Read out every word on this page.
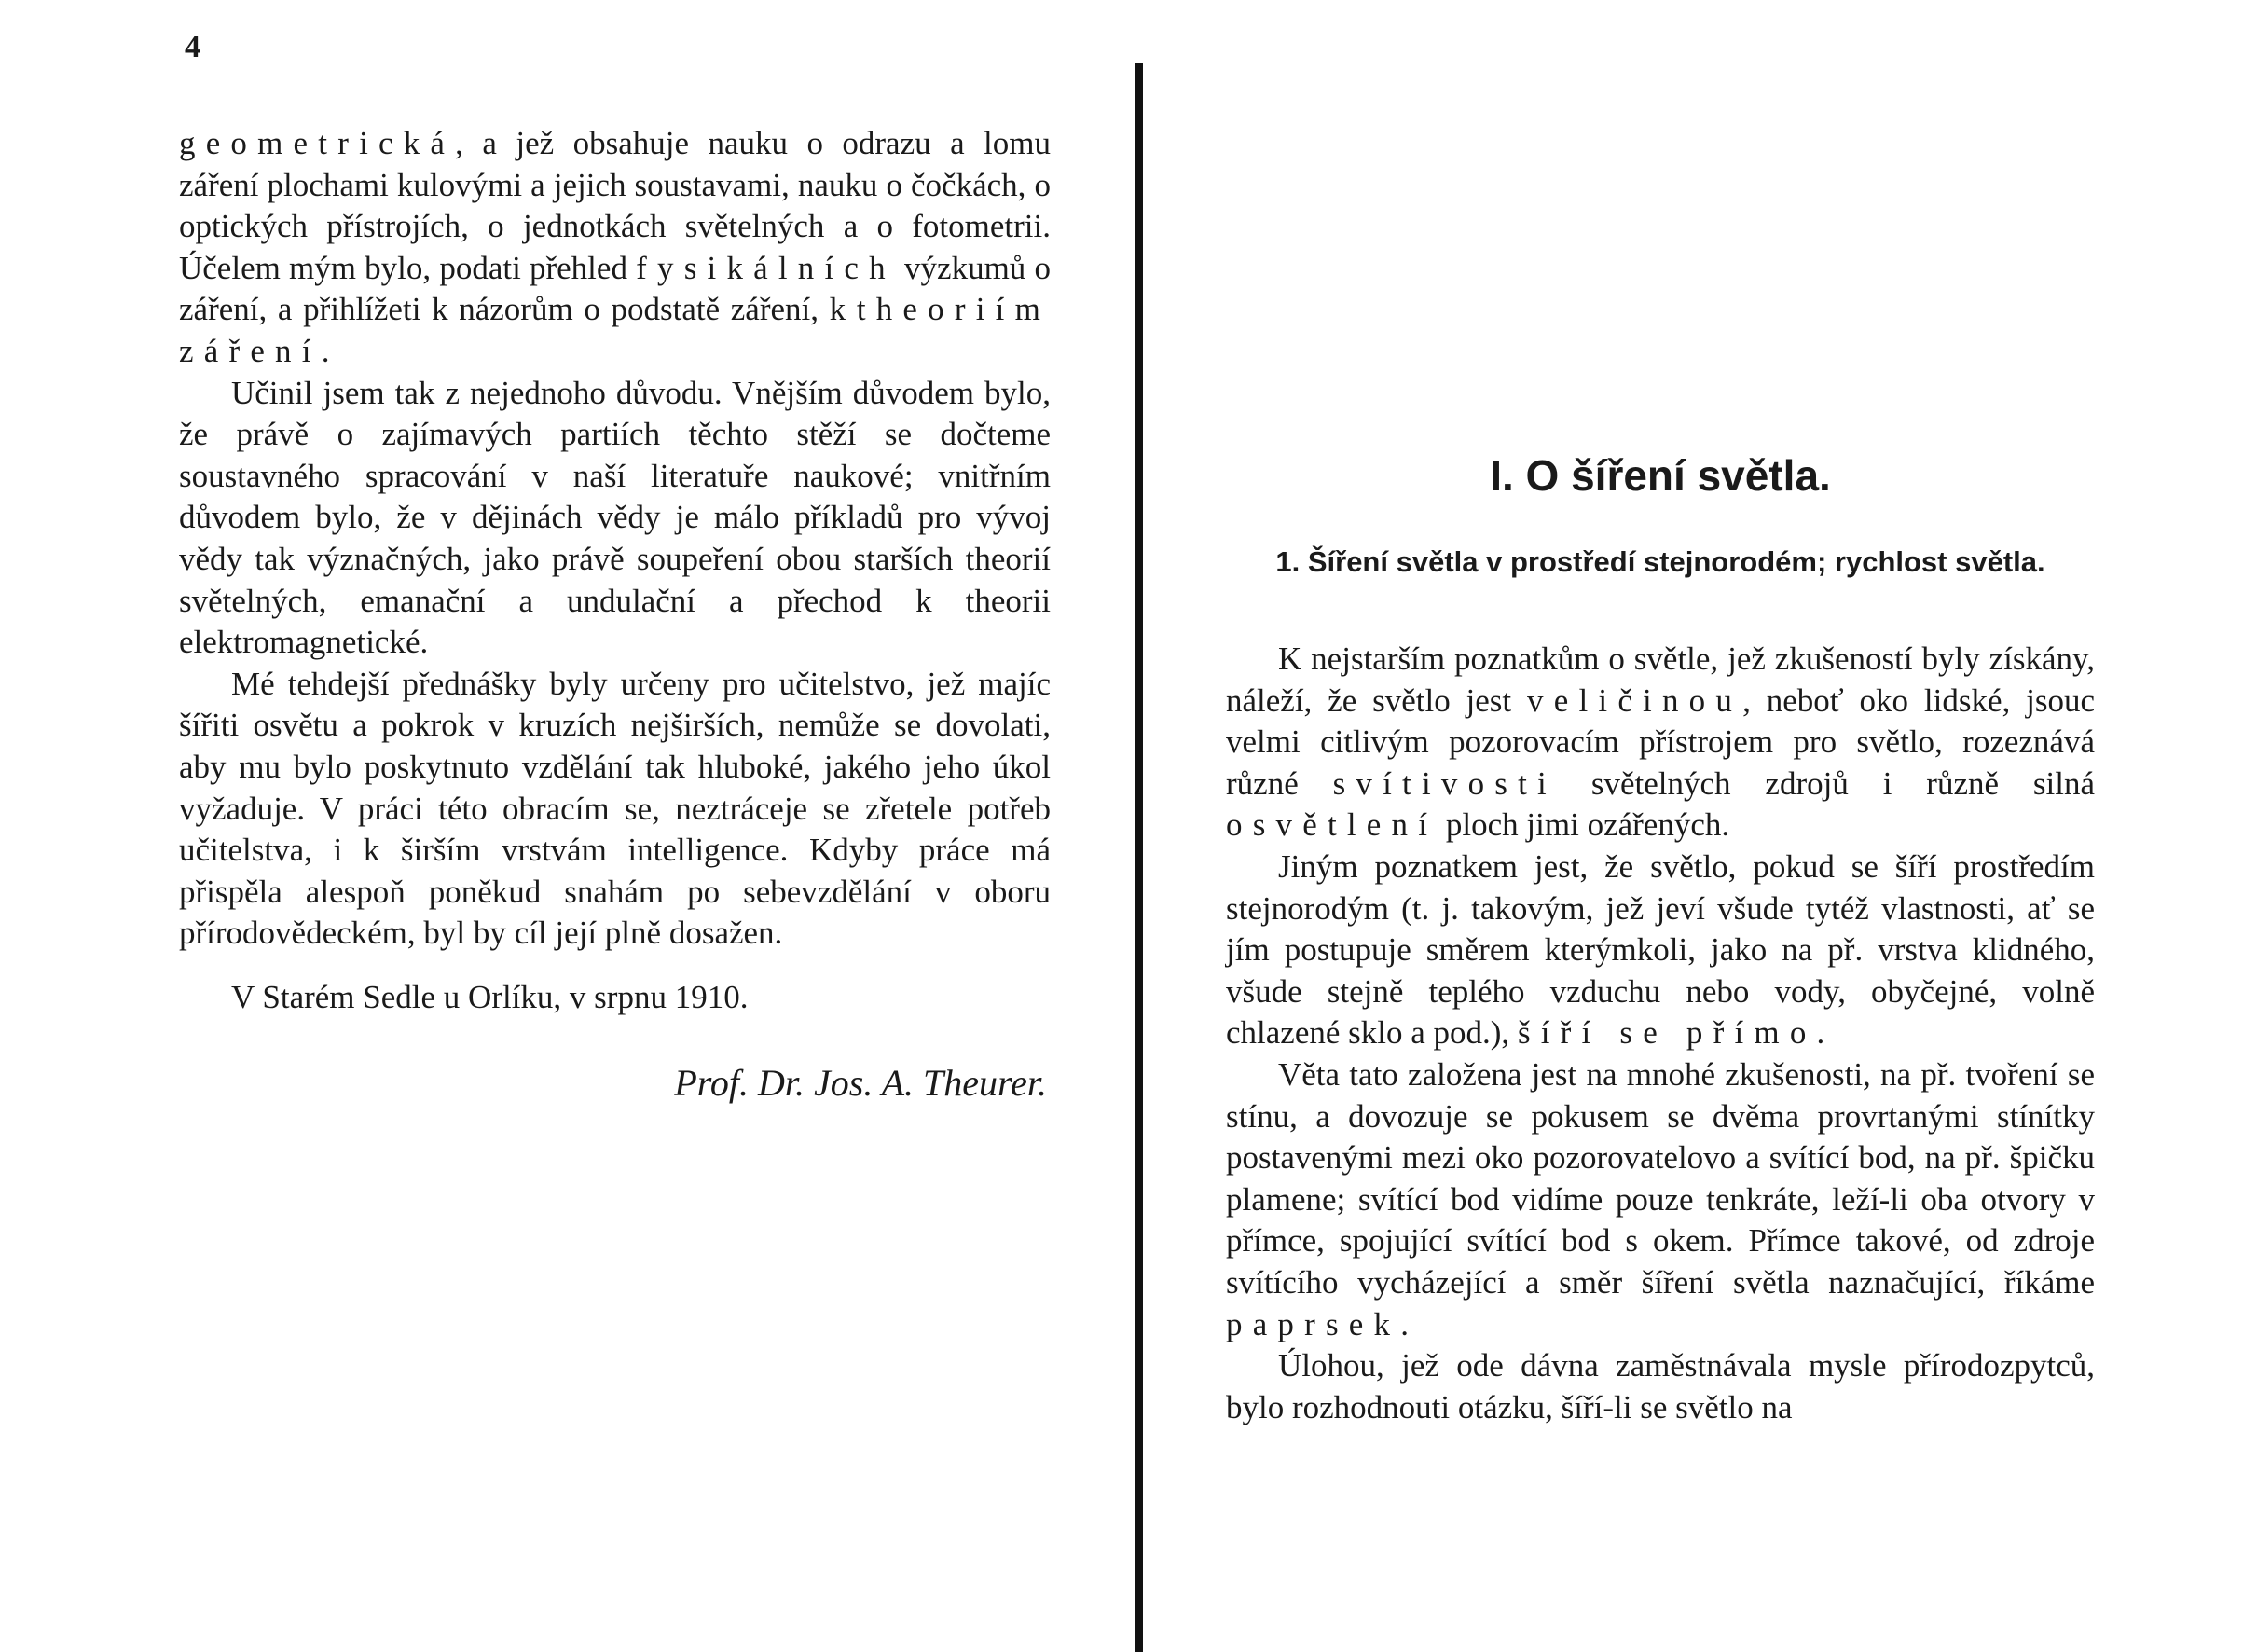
4

geometrická, a jež obsahuje nauku o odrazu a lomu záření plochami kulovými a jejich soustavami, nauku o čočkách, o optických přístrojích, o jednotkách světelných a o fotometrii. Účelem mým bylo, podati přehled fysikálních výzkumů o záření, a přihlížeti k názorům o podstatě záření, k theoriím záření.

Učinil jsem tak z nejednoho důvodu. Vnějším důvodem bylo, že právě o zajímavých partiích těchto stěží se dočteme soustavného spracování v naší literatuře naukové; vnitřním důvodem bylo, že v dějinách vědy je málo příkladů pro vývoj vědy tak význačných, jako právě soupeření obou starších theorií světelných, emanační a undulační a přechod k theorii elektromagnetické.

Mé tehdejší přednášky byly určeny pro učitelstvo, jež majíc šířiti osvětu a pokrok v kruzích nejširších, nemůže se dovolati, aby mu bylo poskytnuto vzdělání tak hluboké, jakého jeho úkol vyžaduje. V práci této obracím se, neztráceje se zřetele potřeb učitelstva, i k širším vrstvám intelligence. Kdyby práce má přispěla alespoň poněkud snahám po sebevzdělání v oboru přírodovědeckém, byl by cíl její plně dosažen.

V Starém Sedle u Orlíku, v srpnu 1910.

Prof. Dr. Jos. A. Theurer.
I. O šíření světla.
1. Šíření světla v prostředí stejnorodém; rychlost světla.

K nejstarším poznatkům o světle, jež zkušeností byly získány, náleží, že světlo jest veličinou, neboť oko lidské, jsouc velmi citlivým pozorovacím přístrojem pro světlo, rozeznává různé svítivosti světelných zdrojů i různě silná osvětlení ploch jimi ozářených.

Jiným poznatkem jest, že světlo, pokud se šíří prostředím stejnorodým (t. j. takovým, jež jeví všude tytéž vlastnosti, ať se jím postupuje směrem kterýmkoli, jako na př. vrstva klidného, všude stejně teplého vzduchu nebo vody, obyčejné, volně chlazené sklo a pod.), šíří se přímo.

Věta tato založena jest na mnohé zkušenosti, na př. tvoření se stínu, a dovozuje se pokusem se dvěma provrtanými stínítky postavenými mezi oko pozorovatelovo a svítící bod, na př. špičku plamene; svítící bod vidíme pouze tenkráte, leží-li oba otvory v přímce, spojující svítící bod s okem. Přímce takové, od zdroje svítícího vycházející a směr šíření světla naznačující, říkáme paprsek.

Úlohou, jež ode dávna zaměstnávala mysle přírodozpytců, bylo rozhodnouti otázku, šíří-li se světlo na
